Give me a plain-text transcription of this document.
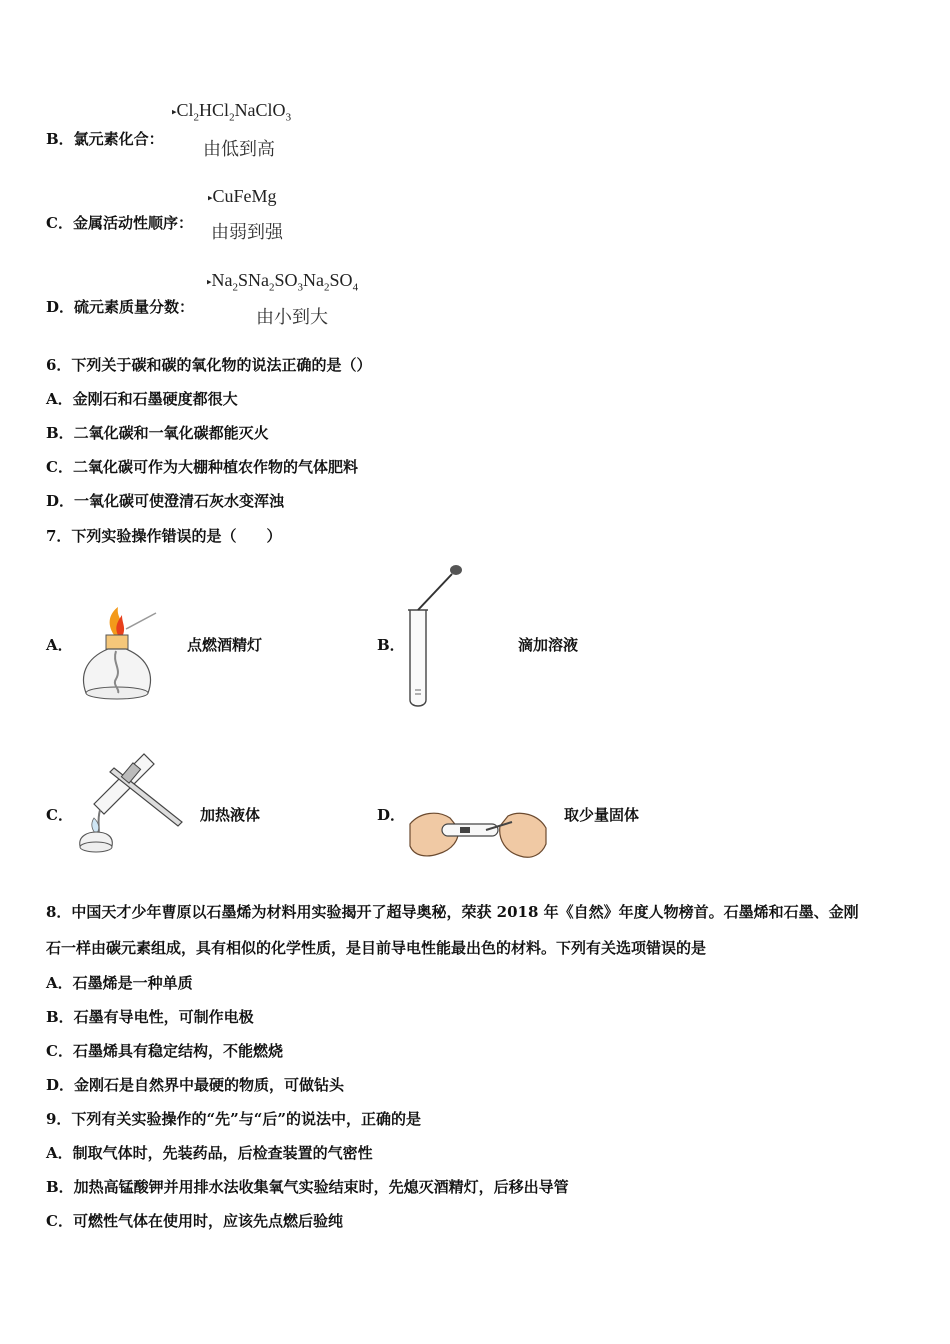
B．氯元素化合：
$▸Cl_2HCl_2NaClO_3$
由低到高
C．金属活动性顺序：
▸CuFeMg
由弱到强
D．硫元素质量分数：
$▸Na_2SNa_2SO_3Na_2SO_4$
由小到大
6．下列关于碳和碳的氧化物的说法正确的是（）
A．金刚石和石墨硬度都很大
B．二氧化碳和一氧化碳都能灭火
C．二氧化碳可作为大棚种植农作物的气体肥料
D．一氧化碳可使澄清石灰水变浑浊
7．下列实验操作错误的是（　　）
A．	点燃酒精灯	B．	滴加溶液
C．	加热液体	D．	取少量固体
8．中国天才少年曹原以石墨烯为材料用实验揭开了超导奥秘，荣获 2018 年《自然》年度人物榜首。石墨烯和石墨、金刚
石一样由碳元素组成，具有相似的化学性质，是目前导电性能最出色的材料。下列有关选项错误的是
A．石墨烯是一种单质
B．石墨有导电性，可制作电极
C．石墨烯具有稳定结构，不能燃烧
D．金刚石是自然界中最硬的物质，可做钻头
9．下列有关实验操作的“先”与“后”的说法中，正确的是
A．制取气体时，先装药品，后检查装置的气密性
B．加热高锰酸钾并用排水法收集氧气实验结束时，先熄灭酒精灯，后移出导管
C．可燃性气体在使用时，应该先点燃后验纯
